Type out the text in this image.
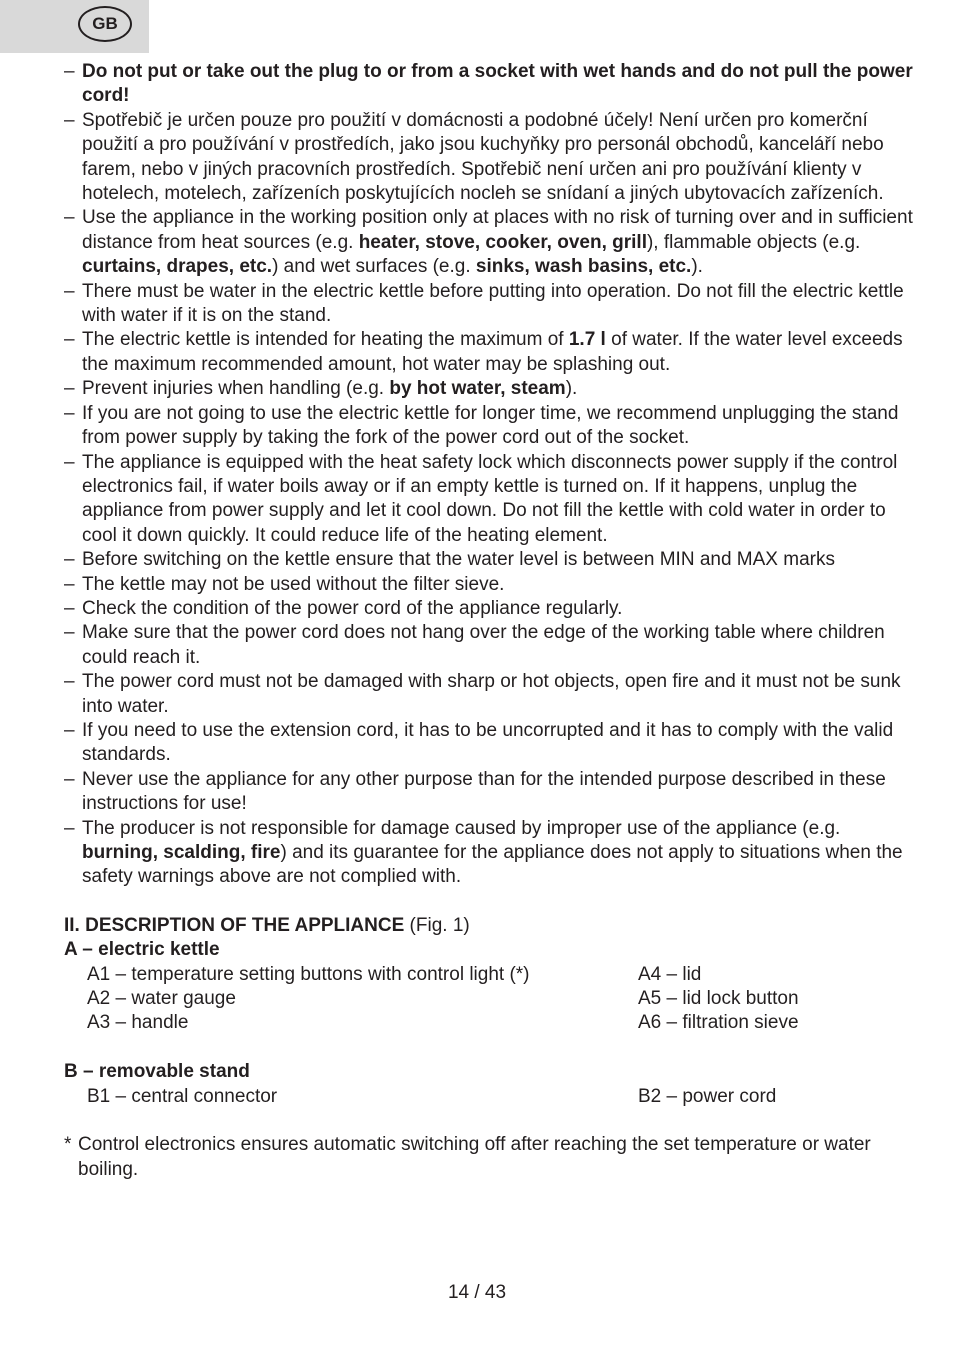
GB
– Do not put or take out the plug to or from a socket with wet hands and do not pull the power cord!
– Spotřebič je určen pouze pro použití v domácnosti a podobné účely! Není určen pro komerční použití a pro používání v prostředích, jako jsou kuchyňky pro personál obchodů, kanceláří nebo farem, nebo v jiných pracovních prostředích. Spotřebič není určen ani pro používání klienty v hotelech, motelech, zařízeních poskytujících nocleh se snídaní a jiných ubytovacích zařízeních.
– Use the appliance in the working position only at places with no risk of turning over and in sufficient distance from heat sources (e.g. heater, stove, cooker, oven, grill), flammable objects (e.g. curtains, drapes, etc.) and wet surfaces (e.g. sinks, wash basins, etc.).
– There must be water in the electric kettle before putting into operation. Do not fill the electric kettle with water if it is on the stand.
– The electric kettle is intended for heating the maximum of 1.7 l of water. If the water level exceeds the maximum recommended amount, hot water may be splashing out.
– Prevent injuries when handling (e.g. by hot water, steam).
– If you are not going to use the electric kettle for longer time, we recommend unplugging the stand from power supply by taking the fork of the power cord out of the socket.
– The appliance is equipped with the heat safety lock which disconnects power supply if the control electronics fail, if water boils away or if an empty kettle is turned on. If it happens, unplug the appliance from power supply and let it cool down. Do not fill the kettle with cold water in order to cool it down quickly. It could reduce life of the heating element.
– Before switching on the kettle ensure that the water level is between MIN and MAX marks
– The kettle may not be used without the filter sieve.
– Check the condition of the power cord of the appliance regularly.
– Make sure that the power cord does not hang over the edge of the working table where children could reach it.
– The power cord must not be damaged with sharp or hot objects, open fire and it must not be sunk into water.
– If you need to use the extension cord, it has to be uncorrupted and it has to comply with the valid standards.
– Never use the appliance for any other purpose than for the intended purpose described in these instructions for use!
– The producer is not responsible for damage caused by improper use of the appliance (e.g. burning, scalding, fire) and its guarantee for the appliance does not apply to situations when the safety warnings above are not complied with.
II. DESCRIPTION OF THE APPLIANCE (Fig. 1)
A – electric kettle
A1 – temperature setting buttons with control light (*)	A4 – lid
A2 – water gauge	A5 – lid lock button
A3 – handle	A6 – filtration sieve
B – removable stand
B1 – central connector	B2 – power cord
* Control electronics ensures automatic switching off after reaching the set temperature or water boiling.
14 / 43
